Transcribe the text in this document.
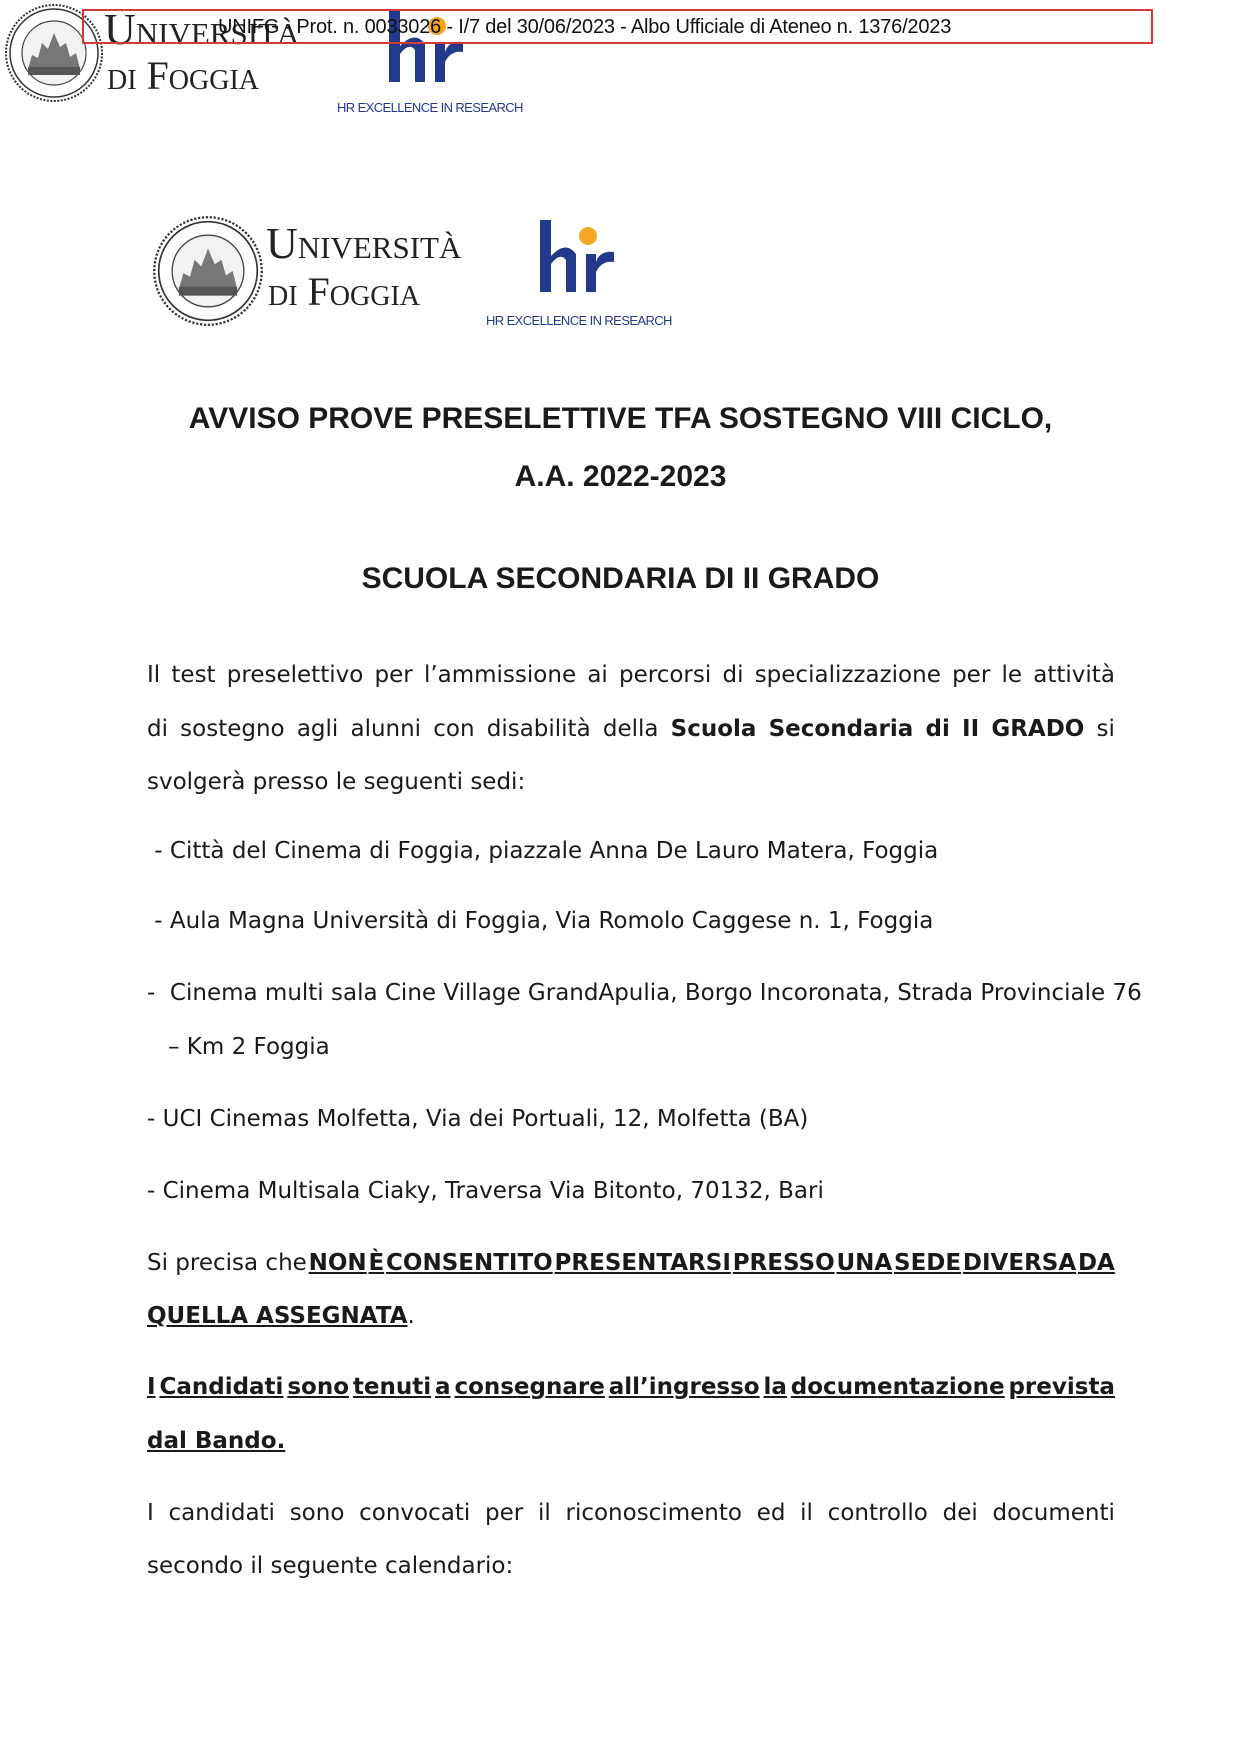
Università
di Foggia
HR EXCELLENCE IN RESEARCH
UNIFG - Prot. n. 0033026 - I/7 del 30/06/2023 - Albo Ufficiale di Ateneo n. 1376/2023
Università
di Foggia
HR EXCELLENCE IN RESEARCH
AVVISO PROVE PRESELETTIVE TFA SOSTEGNO VIII CICLO,
A.A. 2022-2023
SCUOLA SECONDARIA DI II GRADO
Il test preselettivo per l’ammissione ai percorsi di specializzazione per le attività
di sostegno agli alunni con disabilità della Scuola Secondaria di II GRADO si
svolgerà presso le seguenti sedi:
- Città del Cinema di Foggia, piazzale Anna De Lauro Matera, Foggia
- Aula Magna Università di Foggia, Via Romolo Caggese n. 1, Foggia
-  Cinema multi sala Cine Village GrandApulia, Borgo Incoronata, Strada Provinciale 76
– Km 2 Foggia
- UCI Cinemas Molfetta, Via dei Portuali, 12, Molfetta (BA)
- Cinema Multisala Ciaky, Traversa Via Bitonto, 70132, Bari
Si precisa che NON È CONSENTITO PRESENTARSI PRESSO UNA SEDE DIVERSA DA
QUELLA ASSEGNATA.
I Candidati sono tenuti a consegnare all’ingresso la documentazione prevista
dal Bando.
I candidati sono convocati per il riconoscimento ed il controllo dei documenti
secondo il seguente calendario:
